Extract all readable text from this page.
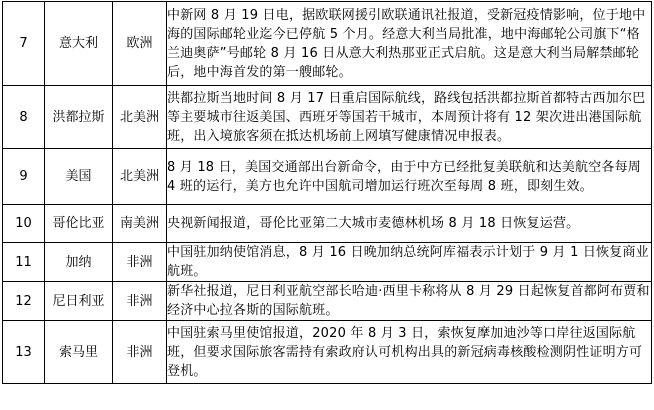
7	意大利	欧洲	中新网 8 月 19 日电，据欧联网援引欧联通讯社报道，受新冠疫情影响，位于地中海的国际邮轮业迄今已停航 5 个月。经意大利当局批准，地中海邮轮公司旗下“格兰迪奥萨”号邮轮 8 月 16 日从意大利热那亚正式启航。这是意大利当局解禁邮轮后，地中海首发的第一艘邮轮。
8	洪都拉斯	北美洲	洪都拉斯当地时间 8 月 17 日重启国际航线，路线包括洪都拉斯首都特古西加尔巴等主要城市往返美国、西班牙等国若干城市，本周预计将有 12 架次进出港国际航班，出入境旅客须在抵达机场前上网填写健康情况申报表。
9	美国	北美洲	8 月 18 日，美国交通部出台新命令，由于中方已经批复美联航和达美航空各每周 4 班的运行，美方也允许中国航司增加运行班次至每周 8 班，即刻生效。
10	哥伦比亚	南美洲	央视新闻报道，哥伦比亚第二大城市麦德林机场 8 月 18 日恢复运营。
11	加纳	非洲	中国驻加纳使馆消息，8 月 16 日晚加纳总统阿库福表示计划于 9 月 1 日恢复商业航班。
12	尼日利亚	非洲	新华社报道，尼日利亚航空部长哈迪·西里卡称将从 8 月 29 日起恢复首都阿布贾和经济中心拉各斯的国际航班。
13	索马里	非洲	中国驻索马里使馆报道，2020 年 8 月 3 日，索恢复摩加迪沙等口岸往返国际航班，但要求国际旅客需持有索政府认可机构出具的新冠病毒核酸检测阴性证明方可登机。
